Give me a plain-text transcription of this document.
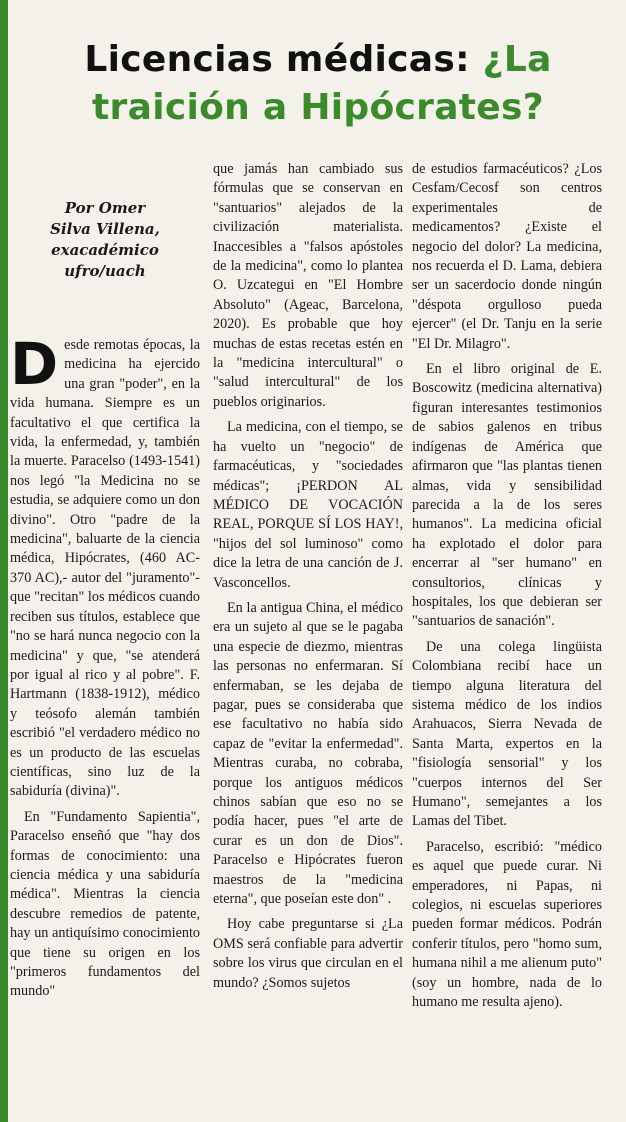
Licencias médicas: ¿La traición a Hipócrates?
Por Omer
Silva Villena,
exacadémico
ufro/uach

Desde remotas épocas, la medicina ha ejercido una gran "poder", en la vida humana. Siempre es un facultativo el que certifica la vida, la enfermedad, y, también la muerte. Paracelso (1493-1541) nos legó "la Medicina no se estudia, se adquiere como un don divino". Otro "padre de la medicina", baluarte de la ciencia médica, Hipócrates, (460 AC- 370 AC),- autor del "juramento"- que "recitan" los médicos cuando reciben sus títulos, establece que "no se hará nunca negocio con la medicina" y que, "se atenderá por igual al rico y al pobre". F. Hartmann (1838-1912), médico y teósofo alemán también escribió "el verdadero médico no es un producto de las escuelas científicas, sino luz de la sabiduría (divina)".

En "Fundamento Sapientia", Paracelso enseñó que "hay dos formas de conocimiento: una ciencia médica y una sabiduría médica". Mientras la ciencia descubre remedios de patente, hay un antiquísimo conocimiento que tiene su origen en los "primeros fundamentos del mundo"

que jamás han cambiado sus fórmulas que se conservan en "santuarios" alejados de la civilización materialista. Inaccesibles a "falsos apóstoles de la medicina", como lo plantea O. Uzcategui en "El Hombre Absoluto" (Ageac, Barcelona, 2020). Es probable que hoy muchas de estas recetas estén en la "medicina intercultural" o "salud intercultural" de los pueblos originarios.

La medicina, con el tiempo, se ha vuelto un "negocio" de farmacéuticas, y "sociedades médicas"; ¡PERDON AL MÉDICO DE VOCACIÓN REAL, PORQUE SÍ LOS HAY!, "hijos del sol luminoso" como dice la letra de una canción de J. Vasconcellos.

En la antigua China, el médico era un sujeto al que se le pagaba una especie de diezmo, mientras las personas no enfermaran. Sí enfermaban, se les dejaba de pagar, pues se consideraba que ese facultativo no había sido capaz de "evitar la enfermedad". Mientras curaba, no cobraba, porque los antiguos médicos chinos sabían que eso no se podía hacer, pues "el arte de curar es un don de Dios". Paracelso e Hipócrates fueron maestros de la "medicina eterna", que poseían este don" .

Hoy cabe preguntarse si ¿La OMS será confiable para advertir sobre los virus que circulan en el mundo? ¿Somos sujetos

de estudios farmacéuticos? ¿Los Cesfam/Cecosf son centros experimentales de medicamentos? ¿Existe el negocio del dolor? La medicina, nos recuerda el D. Lama, debiera ser un sacerdocio donde ningún "déspota orgulloso pueda ejercer" (el Dr. Tanju en la serie "El Dr. Milagro".

En el libro original de E. Boscowitz (medicina alternativa) figuran interesantes testimonios de sabios galenos en tribus indígenas de América que afirmaron que "las plantas tienen almas, vida y sensibilidad parecida a la de los seres humanos". La medicina oficial ha explotado el dolor para encerrar al "ser humano" en consultorios, clínicas y hospitales, los que debieran ser "santuarios de sanación".

De una colega lingüista Colombiana recibí hace un tiempo alguna literatura del sistema médico de los indios Arahuacos, Sierra Nevada de Santa Marta, expertos en la "fisiología sensorial" y los "cuerpos internos del Ser Humano", semejantes a los Lamas del Tibet.

Paracelso, escribió: "médico es aquel que puede curar. Ni emperadores, ni Papas, ni colegios, ni escuelas superiores pueden formar médicos. Podrán conferir títulos, pero "homo sum, humana nihil a me alienum puto" (soy un hombre, nada de lo humano me resulta ajeno).
